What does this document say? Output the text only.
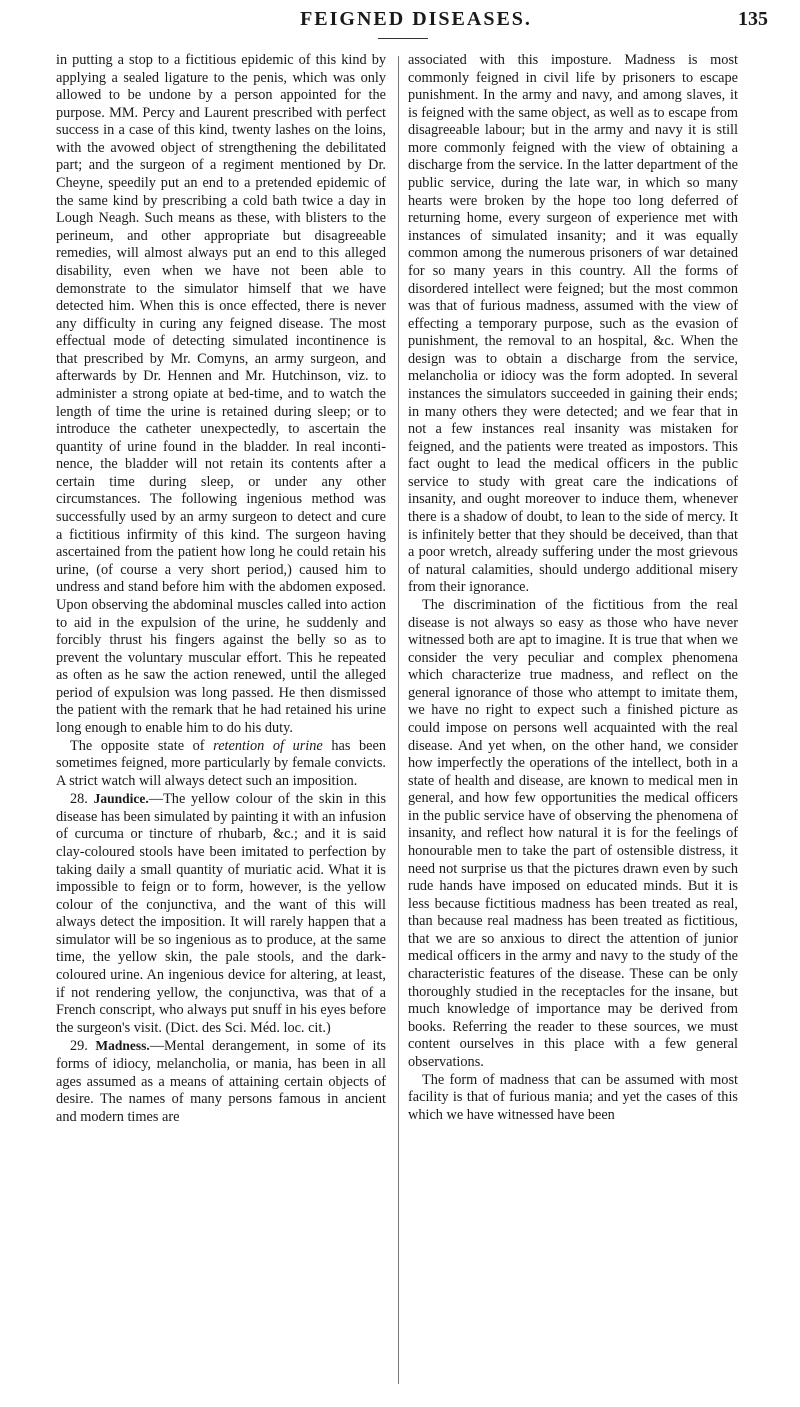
FEIGNED DISEASES.	135

in putting a stop to a fictitious epidemic of this kind by applying a sealed ligature to the penis, which was only allowed to be undone by a person appointed for the purpose. MM. Percy and Laurent prescribed with perfect success in a case of this kind, twenty lashes on the loins, with the avowed object of strengthening the debilitated part; and the surgeon of a regiment mentioned by Dr. Cheyne, speedily put an end to a pretended epidemic of the same kind by prescribing a cold bath twice a day in Lough Neagh. Such means as these, with blisters to the perineum, and other appropriate but disagreeable remedies, will almost always put an end to this alleged disability, even when we have not been able to demonstrate to the simulator himself that we have detected him. When this is once effected, there is never any difficulty in curing any feigned disease. The most effectual mode of detecting simulated incontinence is that prescribed by Mr. Comyns, an army surgeon, and afterwards by Dr. Hennen and Mr. Hutchinson, viz. to administer a strong opiate at bed-time, and to watch the length of time the urine is retained during sleep; or to introduce the catheter unexpectedly, to ascertain the quantity of urine found in the bladder. In real inconti-nence, the bladder will not retain its contents after a certain time during sleep, or under any other circumstances. The following ingenious method was successfully used by an army surgeon to detect and cure a fictitious infirmity of this kind. The surgeon having ascertained from the patient how long he could retain his urine, (of course a very short period,) caused him to undress and stand before him with the abdomen exposed. Upon observing the abdominal muscles called into action to aid in the expulsion of the urine, he suddenly and forcibly thrust his fingers against the belly so as to prevent the voluntary muscular effort. This he repeated as often as he saw the action renewed, until the alleged period of expulsion was long passed. He then dismissed the patient with the remark that he had retained his urine long enough to enable him to do his duty.

The opposite state of retention of urine has been sometimes feigned, more particularly by female convicts. A strict watch will always detect such an imposition.

28. Jaundice.—The yellow colour of the skin in this disease has been simulated by painting it with an infusion of curcuma or tincture of rhubarb, &c.; and it is said clay-coloured stools have been imitated to perfection by taking daily a small quantity of muriatic acid. What it is impossible to feign or to form, however, is the yellow colour of the conjunctiva, and the want of this will always detect the imposition. It will rarely happen that a simulator will be so ingenious as to produce, at the same time, the yellow skin, the pale stools, and the dark-coloured urine. An ingenious device for altering, at least, if not rendering yellow, the conjunctiva, was that of a French conscript, who always put snuff in his eyes before the surgeon's visit. (Dict. des Sci. Méd. loc. cit.)

29. Madness.—Mental derangement, in some of its forms of idiocy, melancholia, or mania, has been in all ages assumed as a means of attaining certain objects of desire. The names of many persons famous in ancient and modern times are

associated with this imposture. Madness is most commonly feigned in civil life by prisoners to escape punishment. In the army and navy, and among slaves, it is feigned with the same object, as well as to escape from disagreeable labour; but in the army and navy it is still more commonly feigned with the view of obtaining a discharge from the service. In the latter department of the public service, during the late war, in which so many hearts were broken by the hope too long deferred of returning home, every surgeon of experience met with instances of simulated insanity; and it was equally common among the numerous prisoners of war detained for so many years in this country. All the forms of disordered intellect were feigned; but the most common was that of furious madness, assumed with the view of effecting a temporary purpose, such as the evasion of punishment, the removal to an hospital, &c. When the design was to obtain a discharge from the service, melancholia or idiocy was the form adopted. In several instances the simulators succeeded in gaining their ends; in many others they were detected; and we fear that in not a few instances real insanity was mistaken for feigned, and the patients were treated as impostors. This fact ought to lead the medical officers in the public service to study with great care the indications of insanity, and ought moreover to induce them, whenever there is a shadow of doubt, to lean to the side of mercy. It is infinitely better that they should be deceived, than that a poor wretch, already suffering under the most grievous of natural calamities, should undergo additional misery from their ignorance.

The discrimination of the fictitious from the real disease is not always so easy as those who have never witnessed both are apt to imagine. It is true that when we consider the very peculiar and complex phenomena which characterize true madness, and reflect on the general ignorance of those who attempt to imitate them, we have no right to expect such a finished picture as could impose on persons well acquainted with the real disease. And yet when, on the other hand, we consider how imperfectly the operations of the intellect, both in a state of health and disease, are known to medical men in general, and how few opportunities the medical officers in the public service have of observing the phenomena of insanity, and reflect how natural it is for the feelings of honourable men to take the part of ostensible distress, it need not surprise us that the pictures drawn even by such rude hands have imposed on educated minds. But it is less because fictitious madness has been treated as real, than because real madness has been treated as fictitious, that we are so anxious to direct the attention of junior medical officers in the army and navy to the study of the characteristic features of the disease. These can be only thoroughly studied in the receptacles for the insane, but much knowledge of importance may be derived from books. Referring the reader to these sources, we must content ourselves in this place with a few general observations.

The form of madness that can be assumed with most facility is that of furious mania; and yet the cases of this which we have witnessed have been
